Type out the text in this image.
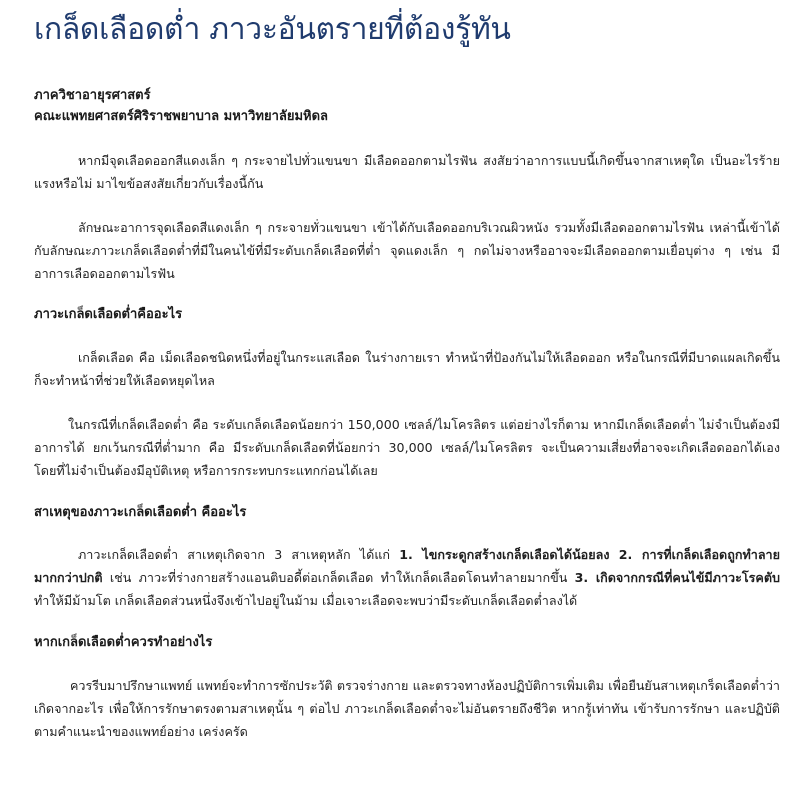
เกล็ดเลือดต่ำ ภาวะอันตรายที่ต้องรู้ทัน
ภาควิชาอายุรศาสตร์
คณะแพทยศาสตร์ศิริราชพยาบาล มหาวิทยาลัยมหิดล

หากมีจุดเลือดออกสีแดงเล็ก ๆ กระจายไปทั่วแขนขา มีเลือดออกตามไรฟัน สงสัยว่าอาการแบบนี้เกิดขึ้นจากสาเหตุใด เป็นอะไรร้ายแรงหรือไม่ มาไขข้อสงสัยเกี่ยวกับเรื่องนี้กัน

ลักษณะอาการจุดเลือดสีแดงเล็ก ๆ กระจายทั่วแขนขา เข้าได้กับเลือดออกบริเวณผิวหนัง รวมทั้งมีเลือดออกตามไรฟัน เหล่านี้เข้าได้กับลักษณะภาวะเกล็ดเลือดต่ำที่มีในคนไข้ที่มีระดับเกล็ดเลือดที่ต่ำ จุดแดงเล็ก ๆ กดไม่จางหรืออาจจะมีเลือดออกตามเยื่อบุต่าง ๆ เช่น มีอาการเลือดออกตามไรฟัน

ภาวะเกล็ดเลือดต่ำคืออะไร

เกล็ดเลือด คือ เม็ดเลือดชนิดหนึ่งที่อยู่ในกระแสเลือด ในร่างกายเรา ทำหน้าที่ป้องกันไม่ให้เลือดออก หรือในกรณีที่มีบาดแผลเกิดขึ้น ก็จะทำหน้าที่ช่วยให้เลือดหยุดไหล

ในกรณีที่เกล็ดเลือดต่ำ คือ ระดับเกล็ดเลือดน้อยกว่า 150,000 เซลล์/ไมโครลิตร แต่อย่างไรก็ตาม หากมีเกล็ดเลือดต่ำ ไม่จำเป็นต้องมีอาการได้ ยกเว้นกรณีที่ต่ำมาก คือ มีระดับเกล็ดเลือดที่น้อยกว่า 30,000 เซลล์/ไมโครลิตร จะเป็นความเสี่ยงที่อาจจะเกิดเลือดออกได้เอง โดยที่ไม่จำเป็นต้องมีอุบัติเหตุ หรือการกระทบกระแทกก่อนได้เลย

สาเหตุของภาวะเกล็ดเลือดต่ำ คืออะไร

ภาวะเกล็ดเลือดต่ำ สาเหตุเกิดจาก 3 สาเหตุหลัก ได้แก่ 1. ไขกระดูกสร้างเกล็ดเลือดได้น้อยลง 2. การที่เกล็ดเลือดถูกทำลายมากกว่าปกติ เช่น ภาวะที่ร่างกายสร้างแอนติบอดี้ต่อเกล็ดเลือด ทำให้เกล็ดเลือดโดนทำลายมากขึ้น 3. เกิดจากกรณีที่คนไข้มีภาวะโรคตับ ทำให้มีม้ามโต เกล็ดเลือดส่วนหนึ่งจึงเข้าไปอยู่ในม้าม เมื่อเจาะเลือดจะพบว่ามีระดับเกล็ดเลือดต่ำลงได้

หากเกล็ดเลือดต่ำควรทำอย่างไร

ควรรีบมาปรึกษาแพทย์ แพทย์จะทำการซักประวัติ ตรวจร่างกาย และตรวจทางห้องปฏิบัติการเพิ่มเติม เพื่อยืนยันสาเหตุเกร็ดเลือดต่ำว่าเกิดจากอะไร เพื่อให้การรักษาตรงตามสาเหตุนั้น ๆ ต่อไป ภาวะเกล็ดเลือดต่ำจะไม่อันตรายถึงชีวิต หากรู้เท่าทัน เข้ารับการรักษา และปฏิบัติตามคำแนะนำของแพทย์อย่าง เคร่งครัด
